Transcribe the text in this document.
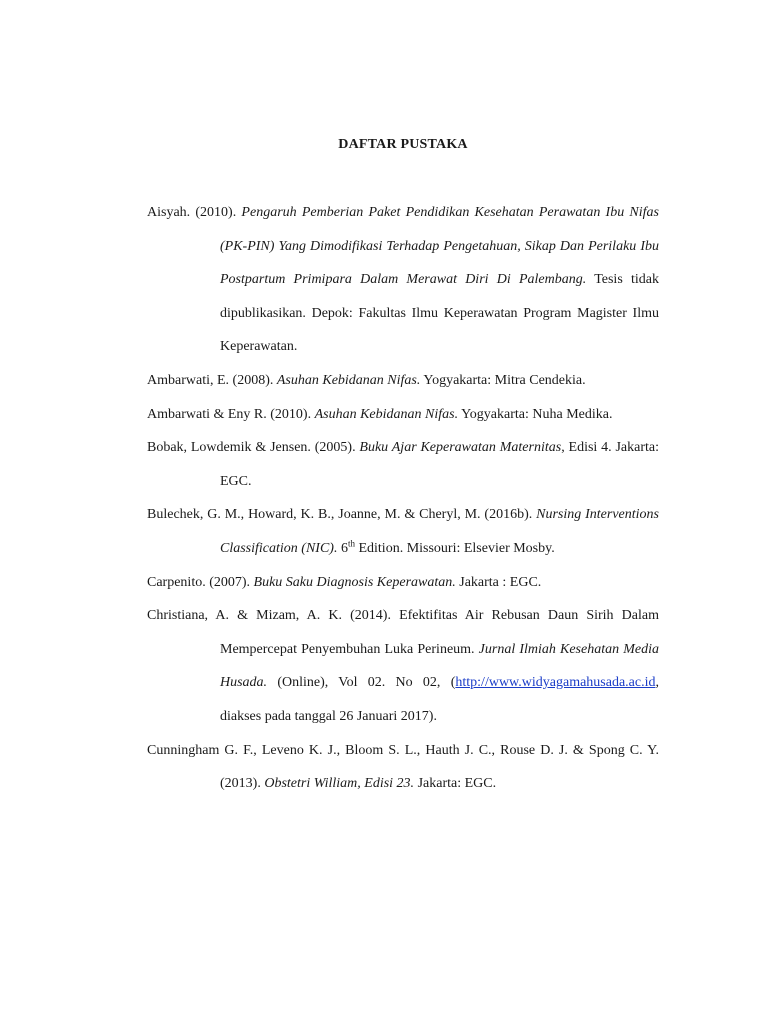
DAFTAR PUSTAKA
Aisyah. (2010). Pengaruh Pemberian Paket Pendidikan Kesehatan Perawatan Ibu Nifas (PK-PIN) Yang Dimodifikasi Terhadap Pengetahuan, Sikap Dan Perilaku Ibu Postpartum Primipara Dalam Merawat Diri Di Palembang. Tesis tidak dipublikasikan. Depok: Fakultas Ilmu Keperawatan Program Magister Ilmu Keperawatan.
Ambarwati, E. (2008). Asuhan Kebidanan Nifas. Yogyakarta: Mitra Cendekia.
Ambarwati & Eny R. (2010). Asuhan Kebidanan Nifas. Yogyakarta: Nuha Medika.
Bobak, Lowdemik & Jensen. (2005). Buku Ajar Keperawatan Maternitas, Edisi 4. Jakarta: EGC.
Bulechek, G. M., Howard, K. B., Joanne, M. & Cheryl, M. (2016b). Nursing Interventions Classification (NIC). 6th Edition. Missouri: Elsevier Mosby.
Carpenito. (2007). Buku Saku Diagnosis Keperawatan. Jakarta : EGC.
Christiana, A. & Mizam, A. K. (2014). Efektifitas Air Rebusan Daun Sirih Dalam Mempercepat Penyembuhan Luka Perineum. Jurnal Ilmiah Kesehatan Media Husada. (Online), Vol 02. No 02, (http://www.widyagamahusada.ac.id, diakses pada tanggal 26 Januari 2017).
Cunningham G. F., Leveno K. J., Bloom S. L., Hauth J. C., Rouse D. J. & Spong C. Y. (2013). Obstetri William, Edisi 23. Jakarta: EGC.
